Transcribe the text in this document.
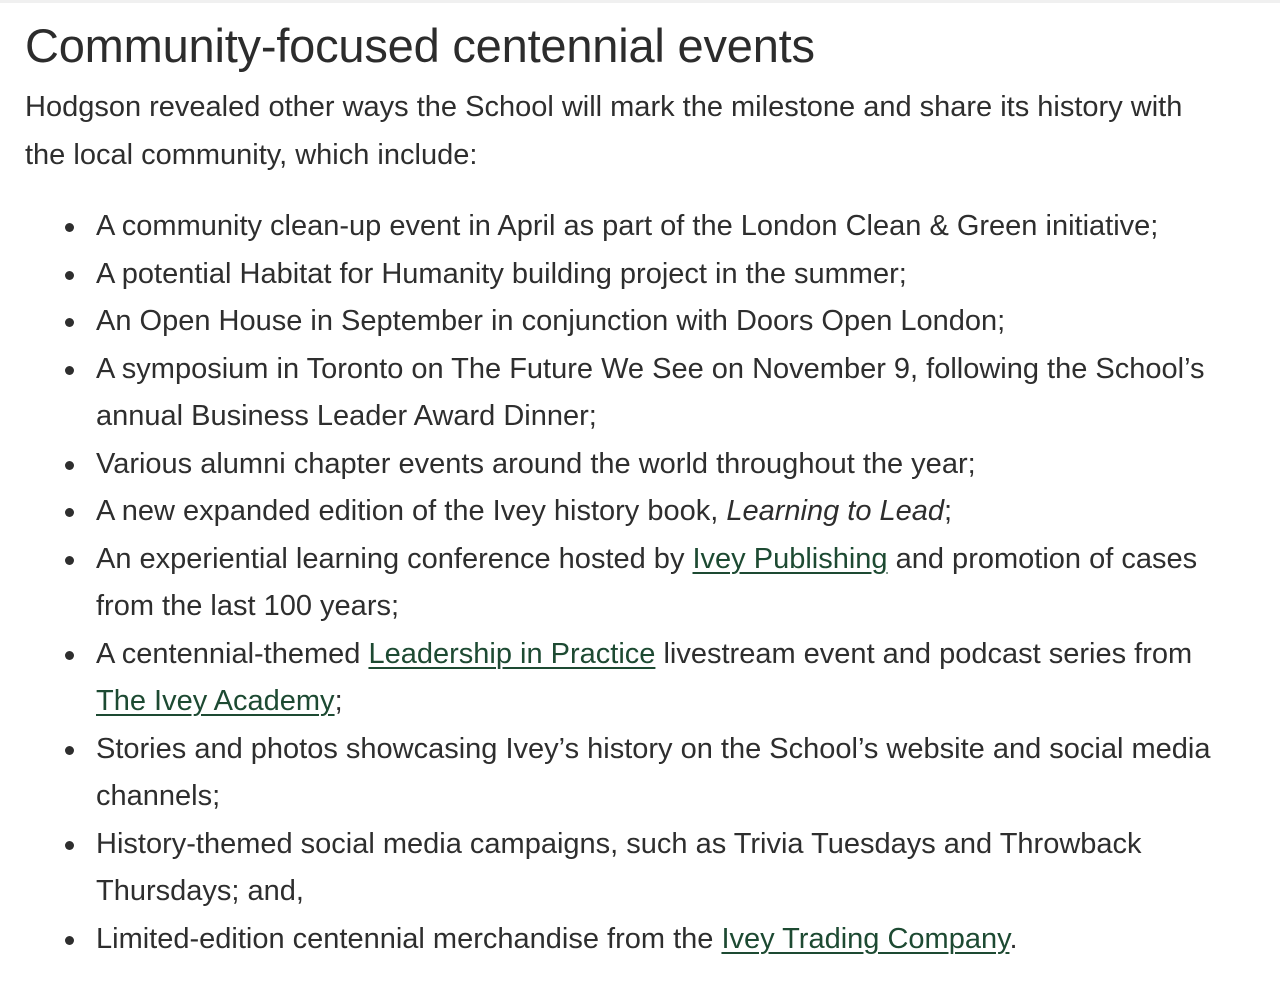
Community-focused centennial events

Hodgson revealed other ways the School will mark the milestone and share its history with the local community, which include:

A community clean-up event in April as part of the London Clean & Green initiative;
A potential Habitat for Humanity building project in the summer;
An Open House in September in conjunction with Doors Open London;
A symposium in Toronto on The Future We See on November 9, following the School’s annual Business Leader Award Dinner;
Various alumni chapter events around the world throughout the year;
A new expanded edition of the Ivey history book, Learning to Lead;
An experiential learning conference hosted by Ivey Publishing and promotion of cases from the last 100 years;
A centennial-themed Leadership in Practice livestream event and podcast series from The Ivey Academy;
Stories and photos showcasing Ivey’s history on the School’s website and social media channels;
History-themed social media campaigns, such as Trivia Tuesdays and Throwback Thursdays; and,
Limited-edition centennial merchandise from the Ivey Trading Company.
